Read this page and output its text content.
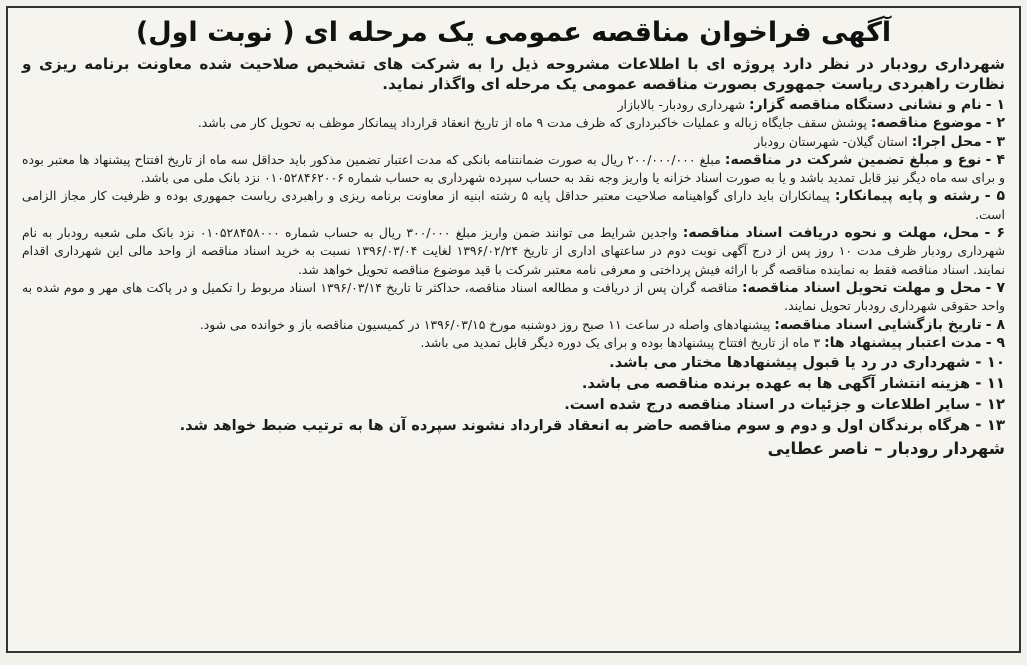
آگهی فراخوان مناقصه عمومی یک مرحله ای ( نوبت اول)

شهرداری رودبار در نظر دارد پروژه ای با اطلاعات مشروحه ذیل را به شرکت های تشخیص صلاحیت شده معاونت برنامه ریزی و نظارت راهبردی ریاست جمهوری بصورت مناقصه عمومی یک مرحله ای واگذار نماید.

۱ - نام و نشانی دستگاه مناقصه گزار: شهرداری رودبار- بالابازار

۲ - موضوع مناقصه: پوشش سقف جایگاه زباله و عملیات خاکبرداری که ظرف مدت ۹ ماه از تاریخ انعقاد قرارداد پیمانکار موظف به تحویل کار می باشد.

۳ - محل اجرا: استان گیلان- شهرستان رودبار

۴ - نوع و مبلغ تضمین شرکت در مناقصه: مبلغ ۲۰۰/۰۰۰/۰۰۰ ریال به صورت ضمانتنامه بانکی که مدت اعتبار تضمین مذکور باید حداقل سه ماه از تاریخ افتتاح پیشنهاد ها معتبر بوده و برای سه ماه دیگر نیز قابل تمدید باشد و یا به صورت اسناد خزانه یا واریز وجه نقد به حساب سپرده شهرداری به حساب شماره ۰۱۰۵۲۸۴۶۲۰۰۶ نزد بانک ملی می باشد.

۵ - رشته و پایه پیمانکار: پیمانکاران باید دارای گواهینامه صلاحیت معتبر حداقل پایه ۵ رشته ابنیه از معاونت برنامه ریزی و راهبردی ریاست جمهوری بوده و ظرفیت کار مجاز الزامی است.

۶ - محل، مهلت و نحوه دریافت اسناد مناقصه: واجدین شرایط می توانند ضمن واریز مبلغ ۳۰۰/۰۰۰ ریال به حساب شماره ۰۱۰۵۲۸۴۵۸۰۰۰ نزد بانک ملی شعبه رودبار به نام شهرداری رودبار ظرف مدت ۱۰ روز پس از درج آگهی نوبت دوم در ساعتهای اداری از تاریخ ۱۳۹۶/۰۲/۲۴ لغایت ۱۳۹۶/۰۳/۰۴ نسبت به خرید اسناد مناقصه از واحد مالی این شهرداری اقدام نمایند. اسناد مناقصه فقط به نماینده مناقصه گر با ارائه فیش پرداختی و معرفی نامه معتبر شرکت با قید موضوع مناقصه تحویل خواهد شد.

۷ - محل و مهلت تحویل اسناد مناقصه: مناقصه گران پس از دریافت و مطالعه اسناد مناقصه، حداکثر تا تاریخ ۱۳۹۶/۰۳/۱۴ اسناد مربوط را تکمیل و در پاکت های مهر و موم شده به واحد حقوقی شهرداری رودبار تحویل نمایند.

۸ - تاریخ بازگشایی اسناد مناقصه: پیشنهادهای واصله در ساعت ۱۱ صبح روز دوشنبه مورخ ۱۳۹۶/۰۳/۱۵ در کمیسیون مناقصه باز و خوانده می شود.

۹ - مدت اعتبار پیشنهاد ها: ۳ ماه از تاریخ افتتاح پیشنهادها بوده و برای یک دوره دیگر قابل تمدید می باشد.

۱۰ - شهرداری در رد یا قبول پیشنهادها مختار می باشد.

۱۱ - هزینه انتشار آگهی ها به عهده برنده مناقصه می باشد.

۱۲ - سایر اطلاعات و جزئیات در اسناد مناقصه درج شده است.

۱۳ - هرگاه برندگان اول و دوم و سوم مناقصه حاضر به انعقاد قرارداد نشوند سپرده آن ها به ترتیب ضبط خواهد شد.

شهردار رودبار – ناصر عطایی
